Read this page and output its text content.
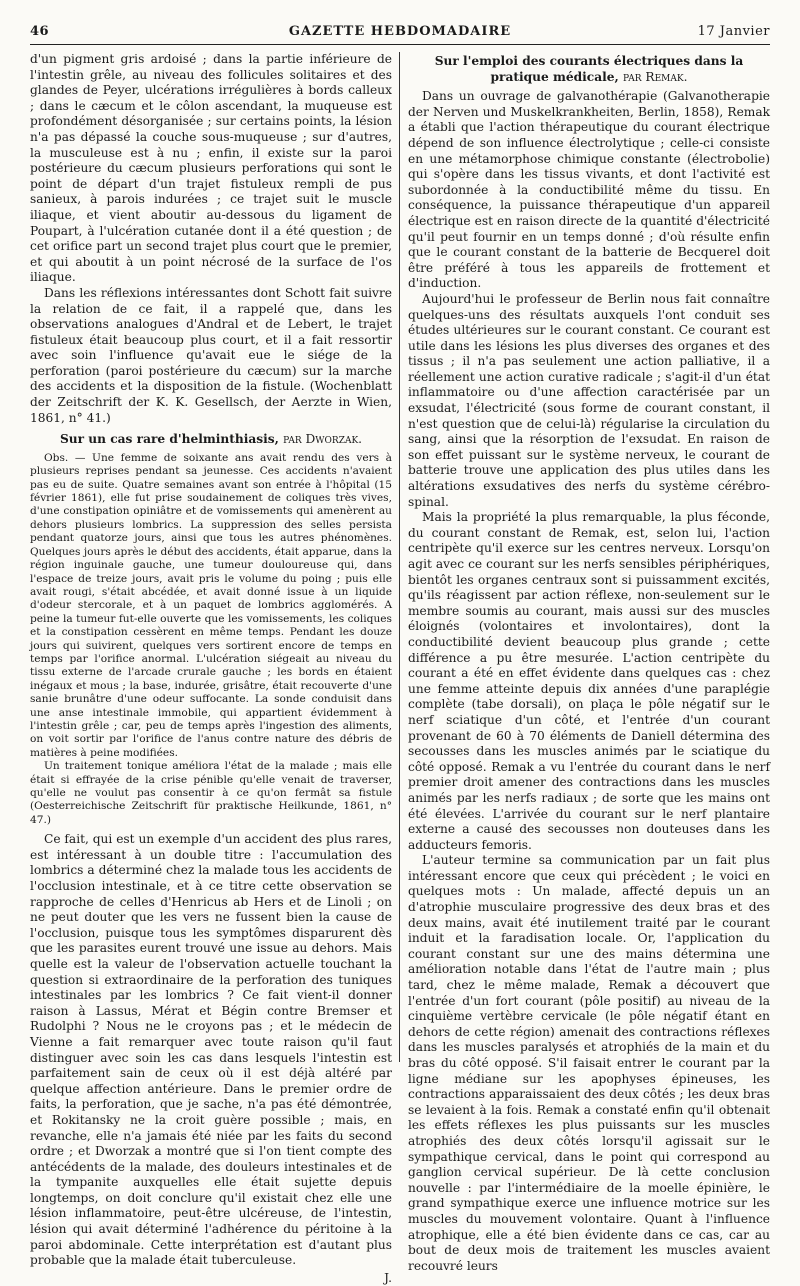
46	GAZETTE HEBDOMADAIRE	17 Janvier

d'un pigment gris ardoisé ; dans la partie inférieure de l'intestin grêle, au niveau des follicules solitaires et des glandes de Peyer, ulcérations irrégulières à bords calleux ; dans le cæcum et le côlon ascendant, la muqueuse est profondément désorganisée ; sur certains points, la lésion n'a pas dépassé la couche sous-muqueuse ; sur d'autres, la musculeuse est à nu ; enfin, il existe sur la paroi postérieure du cæcum plusieurs perforations qui sont le point de départ d'un trajet fistuleux rempli de pus sanieux, à parois indurées ; ce trajet suit le muscle iliaque, et vient aboutir au-dessous du ligament de Poupart, à l'ulcération cutanée dont il a été question ; de cet orifice part un second trajet plus court que le premier, et qui aboutit à un point nécrosé de la surface de l'os iliaque.

Dans les réflexions intéressantes dont Schott fait suivre la relation de ce fait, il a rappelé que, dans les observations analogues d'Andral et de Lebert, le trajet fistuleux était beaucoup plus court, et il a fait ressortir avec soin l'influence qu'avait eue le siége de la perforation (paroi postérieure du cæcum) sur la marche des accidents et la disposition de la fistule. (Wochenblatt der Zeitschrift der K. K. Gesellsch, der Aerzte in Wien, 1861, n° 41.)

Sur un cas rare d'helminthiasis, par Dworzak.

Obs. — Une femme de soixante ans avait rendu des vers à plusieurs reprises pendant sa jeunesse. Ces accidents n'avaient pas eu de suite. Quatre semaines avant son entrée à l'hôpital (15 février 1861), elle fut prise soudainement de coliques très vives, d'une constipation opiniâtre et de vomissements qui amenèrent au dehors plusieurs lombrics. La suppression des selles persista pendant quatorze jours, ainsi que tous les autres phénomènes. Quelques jours après le début des accidents, était apparue, dans la région inguinale gauche, une tumeur douloureuse qui, dans l'espace de treize jours, avait pris le volume du poing ; puis elle avait rougi, s'était abcédée, et avait donné issue à un liquide d'odeur stercorale, et à un paquet de lombrics agglomérés. A peine la tumeur fut-elle ouverte que les vomissements, les coliques et la constipation cessèrent en même temps. Pendant les douze jours qui suivirent, quelques vers sortirent encore de temps en temps par l'orifice anormal. L'ulcération siégeait au niveau du tissu externe de l'arcade crurale gauche ; les bords en étaient inégaux et mous ; la base, indurée, grisâtre, était recouverte d'une sanie brunâtre d'une odeur suffocante. La sonde conduisit dans une anse intestinale immobile, qui appartient évidemment à l'intestin grêle ; car, peu de temps après l'ingestion des aliments, on voit sortir par l'orifice de l'anus contre nature des débris de matières à peine modifiées.

Un traitement tonique améliora l'état de la malade ; mais elle était si effrayée de la crise pénible qu'elle venait de traverser, qu'elle ne voulut pas consentir à ce qu'on fermât sa fistule (Oesterreichische Zeitschrift für praktische Heilkunde, 1861, n° 47.)

Ce fait, qui est un exemple d'un accident des plus rares, est intéressant à un double titre : l'accumulation des lombrics a déterminé chez la malade tous les accidents de l'occlusion intestinale, et à ce titre cette observation se rapproche de celles d'Henricus ab Hers et de Linoli ; on ne peut douter que les vers ne fussent bien la cause de l'occlusion, puisque tous les symptômes disparurent dès que les parasites eurent trouvé une issue au dehors. Mais quelle est la valeur de l'observation actuelle touchant la question si extraordinaire de la perforation des tuniques intestinales par les lombrics ? Ce fait vient-il donner raison à Lassus, Mérat et Bégin contre Bremser et Rudolphi ? Nous ne le croyons pas ; et le médecin de Vienne a fait remarquer avec toute raison qu'il faut distinguer avec soin les cas dans lesquels l'intestin est parfaitement sain de ceux où il est déjà altéré par quelque affection antérieure. Dans le premier ordre de faits, la perforation, que je sache, n'a pas été démontrée, et Rokitansky ne la croit guère possible ; mais, en revanche, elle n'a jamais été niée par les faits du second ordre ; et Dworzak a montré que si l'on tient compte des antécédents de la malade, des douleurs intestinales et de la tympanite auxquelles elle était sujette depuis longtemps, on doit conclure qu'il existait chez elle une lésion inflammatoire, peut-être ulcéreuse, de l'intestin, lésion qui avait déterminé l'adhérence du péritoine à la paroi abdominale. Cette interprétation est d'autant plus probable que la malade était tuberculeuse.

J.

Sur l'emploi des courants électriques dans la pratique médicale, par Remak.

Dans un ouvrage de galvanothérapie (Galvanotherapie der Nerven und Muskelkrankheiten, Berlin, 1858), Remak a établi que l'action thérapeutique du courant électrique dépend de son influence électrolytique ; celle-ci consiste en une métamorphose chimique constante (électrobolie) qui s'opère dans les tissus vivants, et dont l'activité est subordonnée à la conductibilité même du tissu. En conséquence, la puissance thérapeutique d'un appareil électrique est en raison directe de la quantité d'électricité qu'il peut fournir en un temps donné ; d'où résulte enfin que le courant constant de la batterie de Becquerel doit être préféré à tous les appareils de frottement et d'induction.

Aujourd'hui le professeur de Berlin nous fait connaître quelques-uns des résultats auxquels l'ont conduit ses études ultérieures sur le courant constant. Ce courant est utile dans les lésions les plus diverses des organes et des tissus ; il n'a pas seulement une action palliative, il a réellement une action curative radicale ; s'agit-il d'un état inflammatoire ou d'une affection caractérisée par un exsudat, l'électricité (sous forme de courant constant, il n'est question que de celui-là) régularise la circulation du sang, ainsi que la résorption de l'exsudat. En raison de son effet puissant sur le système nerveux, le courant de batterie trouve une application des plus utiles dans les altérations exsudatives des nerfs du système cérébro-spinal.

Mais la propriété la plus remarquable, la plus féconde, du courant constant de Remak, est, selon lui, l'action centripète qu'il exerce sur les centres nerveux. Lorsqu'on agit avec ce courant sur les nerfs sensibles périphériques, bientôt les organes centraux sont si puissamment excités, qu'ils réagissent par action réflexe, non-seulement sur le membre soumis au courant, mais aussi sur des muscles éloignés (volontaires et involontaires), dont la conductibilité devient beaucoup plus grande ; cette différence a pu être mesurée. L'action centripète du courant a été en effet évidente dans quelques cas : chez une femme atteinte depuis dix années d'une paraplégie complète (tabe dorsali), on plaça le pôle négatif sur le nerf sciatique d'un côté, et l'entrée d'un courant provenant de 60 à 70 éléments de Daniell détermina des secousses dans les muscles animés par le sciatique du côté opposé. Remak a vu l'entrée du courant dans le nerf premier droit amener des contractions dans les muscles animés par les nerfs radiaux ; de sorte que les mains ont été élevées. L'arrivée du courant sur le nerf plantaire externe a causé des secousses non douteuses dans les adducteurs femoris.

L'auteur termine sa communication par un fait plus intéressant encore que ceux qui précèdent ; le voici en quelques mots : Un malade, affecté depuis un an d'atrophie musculaire progressive des deux bras et des deux mains, avait été inutilement traité par le courant induit et la faradisation locale. Or, l'application du courant constant sur une des mains détermina une amélioration notable dans l'état de l'autre main ; plus tard, chez le même malade, Remak a découvert que l'entrée d'un fort courant (pôle positif) au niveau de la cinquième vertèbre cervicale (le pôle négatif étant en dehors de cette région) amenait des contractions réflexes dans les muscles paralysés et atrophiés de la main et du bras du côté opposé. S'il faisait entrer le courant par la ligne médiane sur les apophyses épineuses, les contractions apparaissaient des deux côtés ; les deux bras se levaient à la fois. Remak a constaté enfin qu'il obtenait les effets réflexes les plus puissants sur les muscles atrophiés des deux côtés lorsqu'il agissait sur le sympathique cervical, dans le point qui correspond au ganglion cervical supérieur. De là cette conclusion nouvelle : par l'intermédiaire de la moelle épinière, le grand sympathique exerce une influence motrice sur les muscles du mouvement volontaire. Quant à l'influence atrophique, elle a été bien évidente dans ce cas, car au bout de deux mois de traitement les muscles avaient recouvré leurs
